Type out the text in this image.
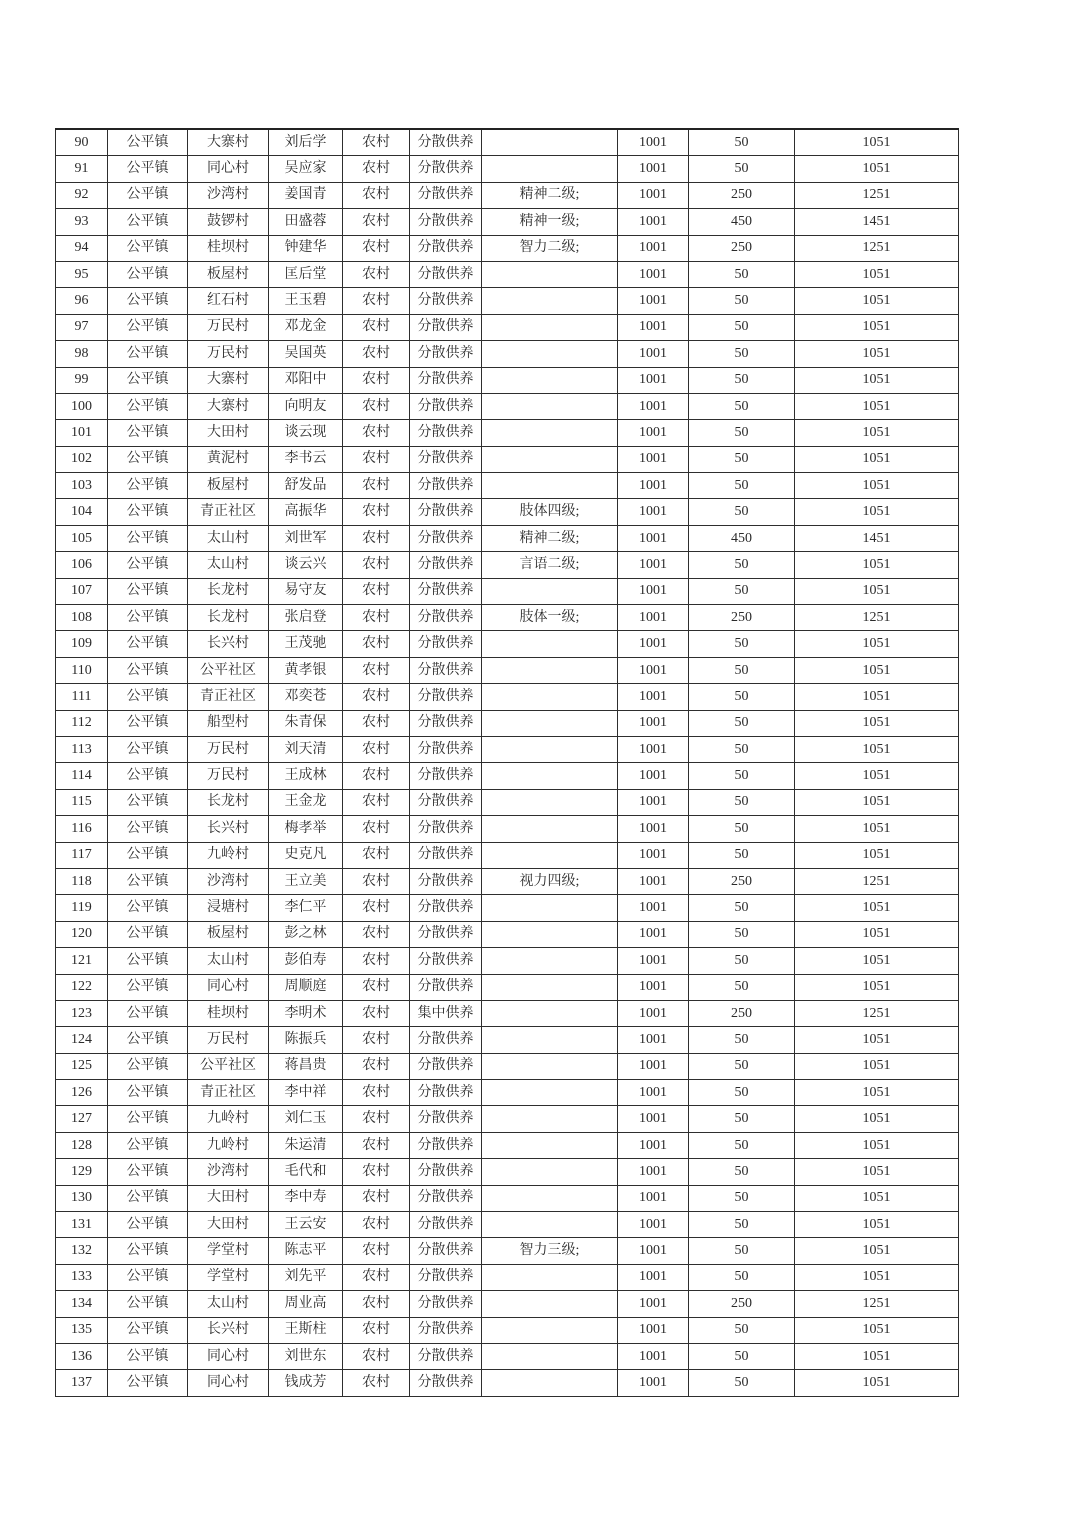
90	公平镇	大寨村	刘后学	农村	分散供养		1001	50	1051
91	公平镇	同心村	吴应家	农村	分散供养		1001	50	1051
92	公平镇	沙湾村	姜国青	农村	分散供养	精神二级;	1001	250	1251
93	公平镇	鼓锣村	田盛蓉	农村	分散供养	精神一级;	1001	450	1451
94	公平镇	桂坝村	钟建华	农村	分散供养	智力二级;	1001	250	1251
95	公平镇	板屋村	匡后堂	农村	分散供养		1001	50	1051
96	公平镇	红石村	王玉碧	农村	分散供养		1001	50	1051
97	公平镇	万民村	邓龙金	农村	分散供养		1001	50	1051
98	公平镇	万民村	吴国英	农村	分散供养		1001	50	1051
99	公平镇	大寨村	邓阳中	农村	分散供养		1001	50	1051
100	公平镇	大寨村	向明友	农村	分散供养		1001	50	1051
101	公平镇	大田村	谈云现	农村	分散供养		1001	50	1051
102	公平镇	黄泥村	李书云	农村	分散供养		1001	50	1051
103	公平镇	板屋村	舒发品	农村	分散供养		1001	50	1051
104	公平镇	青正社区	高振华	农村	分散供养	肢体四级;	1001	50	1051
105	公平镇	太山村	刘世军	农村	分散供养	精神二级;	1001	450	1451
106	公平镇	太山村	谈云兴	农村	分散供养	言语二级;	1001	50	1051
107	公平镇	长龙村	易守友	农村	分散供养		1001	50	1051
108	公平镇	长龙村	张启登	农村	分散供养	肢体一级;	1001	250	1251
109	公平镇	长兴村	王茂驰	农村	分散供养		1001	50	1051
110	公平镇	公平社区	黄孝银	农村	分散供养		1001	50	1051
111	公平镇	青正社区	邓奕苍	农村	分散供养		1001	50	1051
112	公平镇	船型村	朱青保	农村	分散供养		1001	50	1051
113	公平镇	万民村	刘天清	农村	分散供养		1001	50	1051
114	公平镇	万民村	王成林	农村	分散供养		1001	50	1051
115	公平镇	长龙村	王金龙	农村	分散供养		1001	50	1051
116	公平镇	长兴村	梅孝举	农村	分散供养		1001	50	1051
117	公平镇	九岭村	史克凡	农村	分散供养		1001	50	1051
118	公平镇	沙湾村	王立美	农村	分散供养	视力四级;	1001	250	1251
119	公平镇	浸塘村	李仁平	农村	分散供养		1001	50	1051
120	公平镇	板屋村	彭之林	农村	分散供养		1001	50	1051
121	公平镇	太山村	彭伯寿	农村	分散供养		1001	50	1051
122	公平镇	同心村	周顺庭	农村	分散供养		1001	50	1051
123	公平镇	桂坝村	李明术	农村	集中供养		1001	250	1251
124	公平镇	万民村	陈振兵	农村	分散供养		1001	50	1051
125	公平镇	公平社区	蒋昌贵	农村	分散供养		1001	50	1051
126	公平镇	青正社区	李中祥	农村	分散供养		1001	50	1051
127	公平镇	九岭村	刘仁玉	农村	分散供养		1001	50	1051
128	公平镇	九岭村	朱运清	农村	分散供养		1001	50	1051
129	公平镇	沙湾村	毛代和	农村	分散供养		1001	50	1051
130	公平镇	大田村	李中寿	农村	分散供养		1001	50	1051
131	公平镇	大田村	王云安	农村	分散供养		1001	50	1051
132	公平镇	学堂村	陈志平	农村	分散供养	智力三级;	1001	50	1051
133	公平镇	学堂村	刘先平	农村	分散供养		1001	50	1051
134	公平镇	太山村	周业高	农村	分散供养		1001	250	1251
135	公平镇	长兴村	王斯柱	农村	分散供养		1001	50	1051
136	公平镇	同心村	刘世东	农村	分散供养		1001	50	1051
137	公平镇	同心村	钱成芳	农村	分散供养		1001	50	1051
